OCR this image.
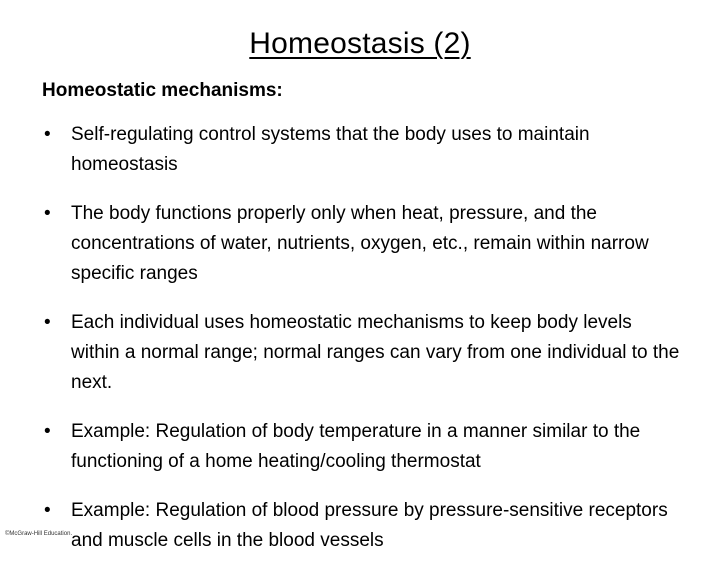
Homeostasis (2)

Homeostatic mechanisms:

•	Self-regulating control systems that the body uses to maintain homeostasis
•	The body functions properly only when heat, pressure, and the concentrations of water, nutrients, oxygen, etc., remain within narrow specific ranges
•	Each individual uses homeostatic mechanisms to keep body levels within a normal range; normal ranges can vary from one individual to the next.
•	Example: Regulation of body temperature in a manner similar to the functioning of a home heating/cooling thermostat
•	Example: Regulation of blood pressure by pressure-sensitive receptors and muscle cells in the blood vessels
©McGraw-Hill Education.
